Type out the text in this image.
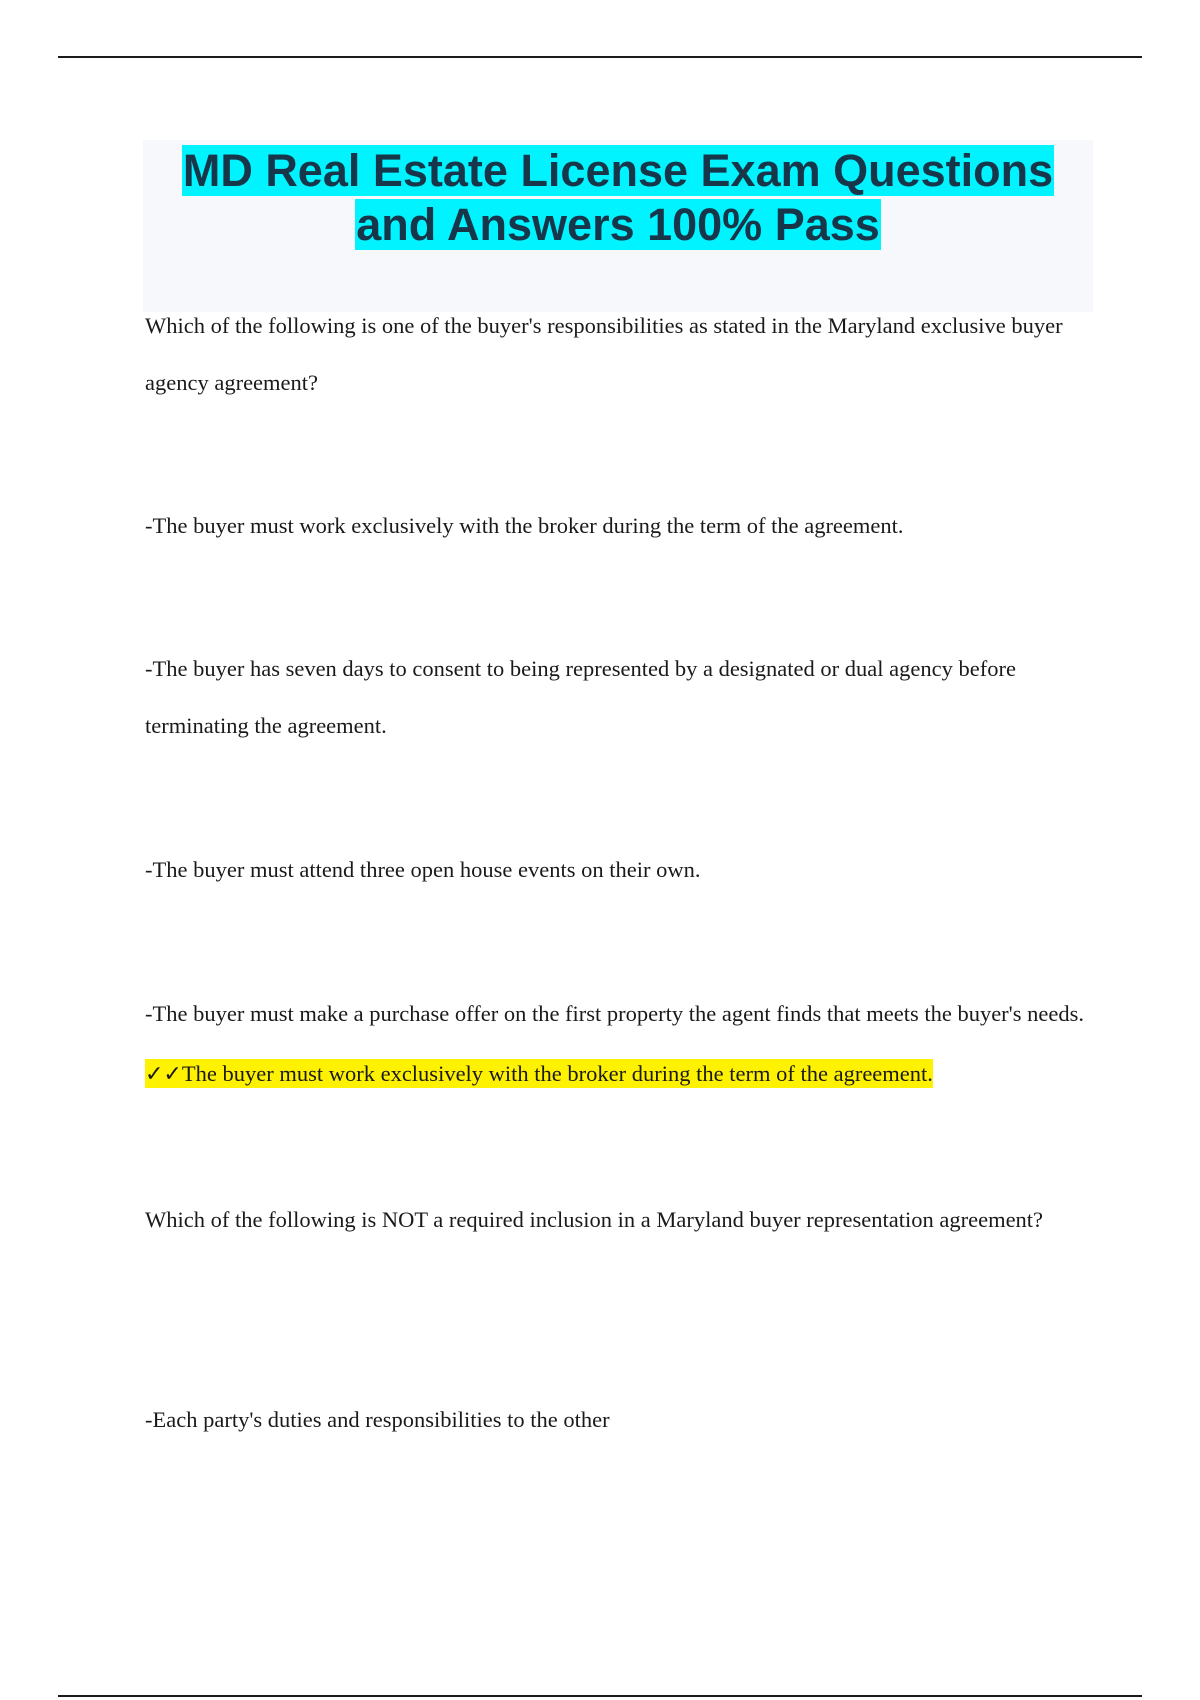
MD Real Estate License Exam Questions
and Answers 100% Pass

Which of the following is one of the buyer's responsibilities as stated in the Maryland exclusive buyer agency agreement?

-The buyer must work exclusively with the broker during the term of the agreement.

-The buyer has seven days to consent to being represented by a designated or dual agency before terminating the agreement.

-The buyer must attend three open house events on their own.

-The buyer must make a purchase offer on the first property the agent finds that meets the buyer's needs. ✓✓The buyer must work exclusively with the broker during the term of the agreement.

Which of the following is NOT a required inclusion in a Maryland buyer representation agreement?

-Each party's duties and responsibilities to the other
